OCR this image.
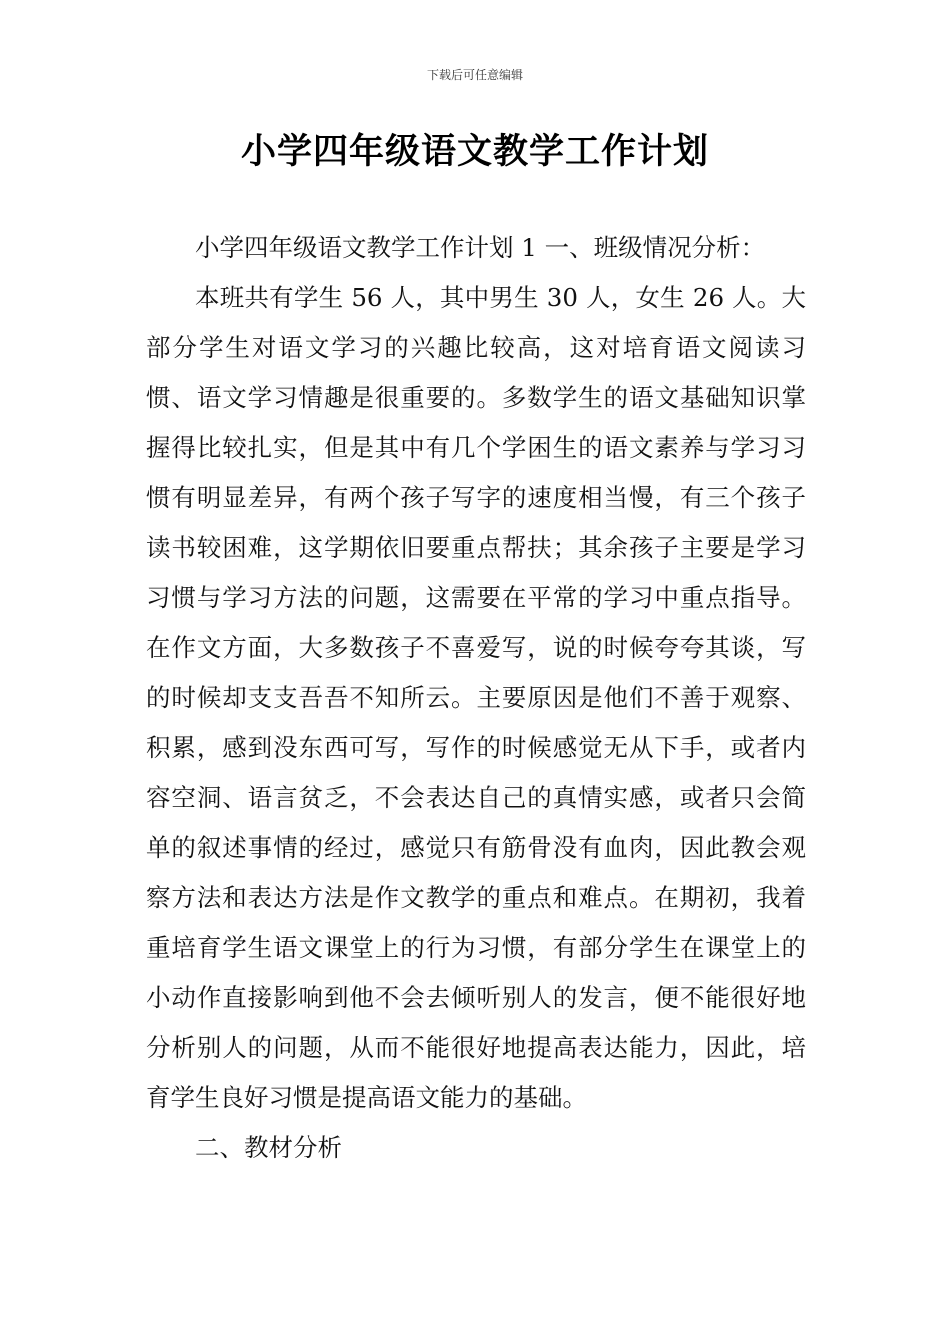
下载后可任意编辑
小学四年级语文教学工作计划

小学四年级语文教学工作计划 1 一、班级情况分析：

本班共有学生 56 人，其中男生 30 人，女生 26 人。大部分学生对语文学习的兴趣比较高，这对培育语文阅读习惯、语文学习情趣是很重要的。多数学生的语文基础知识掌握得比较扎实，但是其中有几个学困生的语文素养与学习习惯有明显差异，有两个孩子写字的速度相当慢，有三个孩子读书较困难，这学期依旧要重点帮扶；其余孩子主要是学习习惯与学习方法的问题，这需要在平常的学习中重点指导。在作文方面，大多数孩子不喜爱写，说的时候夸夸其谈，写的时候却支支吾吾不知所云。主要原因是他们不善于观察、积累，感到没东西可写，写作的时候感觉无从下手，或者内容空洞、语言贫乏，不会表达自己的真情实感，或者只会简单的叙述事情的经过，感觉只有筋骨没有血肉，因此教会观察方法和表达方法是作文教学的重点和难点。在期初，我着重培育学生语文课堂上的行为习惯，有部分学生在课堂上的小动作直接影响到他不会去倾听别人的发言，便不能很好地分析别人的问题，从而不能很好地提高表达能力，因此，培育学生良好习惯是提高语文能力的基础。

二、教材分析
